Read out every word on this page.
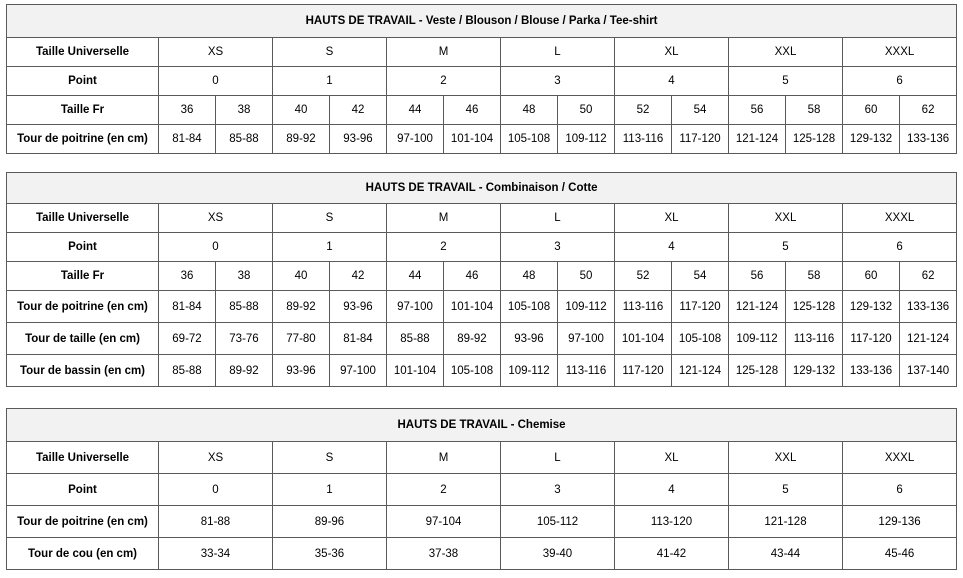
HAUTS DE TRAVAIL - Veste / Blouson / Blouse / Parka / Tee-shirt														
Taille Universelle	XS		S		M		L		XL		XXL		XXXL	
Point	0		1		2		3		4		5		6	
Taille Fr	36	38	40	42	44	46	48	50	52	54	56	58	60	62
Tour de poitrine (en cm)	81-84	85-88	89-92	93-96	97-100	101-104	105-108	109-112	113-116	117-120	121-124	125-128	129-132	133-136
HAUTS DE TRAVAIL - Combinaison / Cotte														
Taille Universelle	XS		S		M		L		XL		XXL		XXXL	
Point	0		1		2		3		4		5		6	
Taille Fr	36	38	40	42	44	46	48	50	52	54	56	58	60	62
Tour de poitrine (en cm)	81-84	85-88	89-92	93-96	97-100	101-104	105-108	109-112	113-116	117-120	121-124	125-128	129-132	133-136
Tour de taille (en cm)	69-72	73-76	77-80	81-84	85-88	89-92	93-96	97-100	101-104	105-108	109-112	113-116	117-120	121-124
Tour de bassin (en cm)	85-88	89-92	93-96	97-100	101-104	105-108	109-112	113-116	117-120	121-124	125-128	129-132	133-136	137-140
HAUTS DE TRAVAIL - Chemise							
Taille Universelle	XS	S	M	L	XL	XXL	XXXL
Point	0	1	2	3	4	5	6
Tour de poitrine (en cm)	81-88	89-96	97-104	105-112	113-120	121-128	129-136
Tour de cou (en cm)	33-34	35-36	37-38	39-40	41-42	43-44	45-46
